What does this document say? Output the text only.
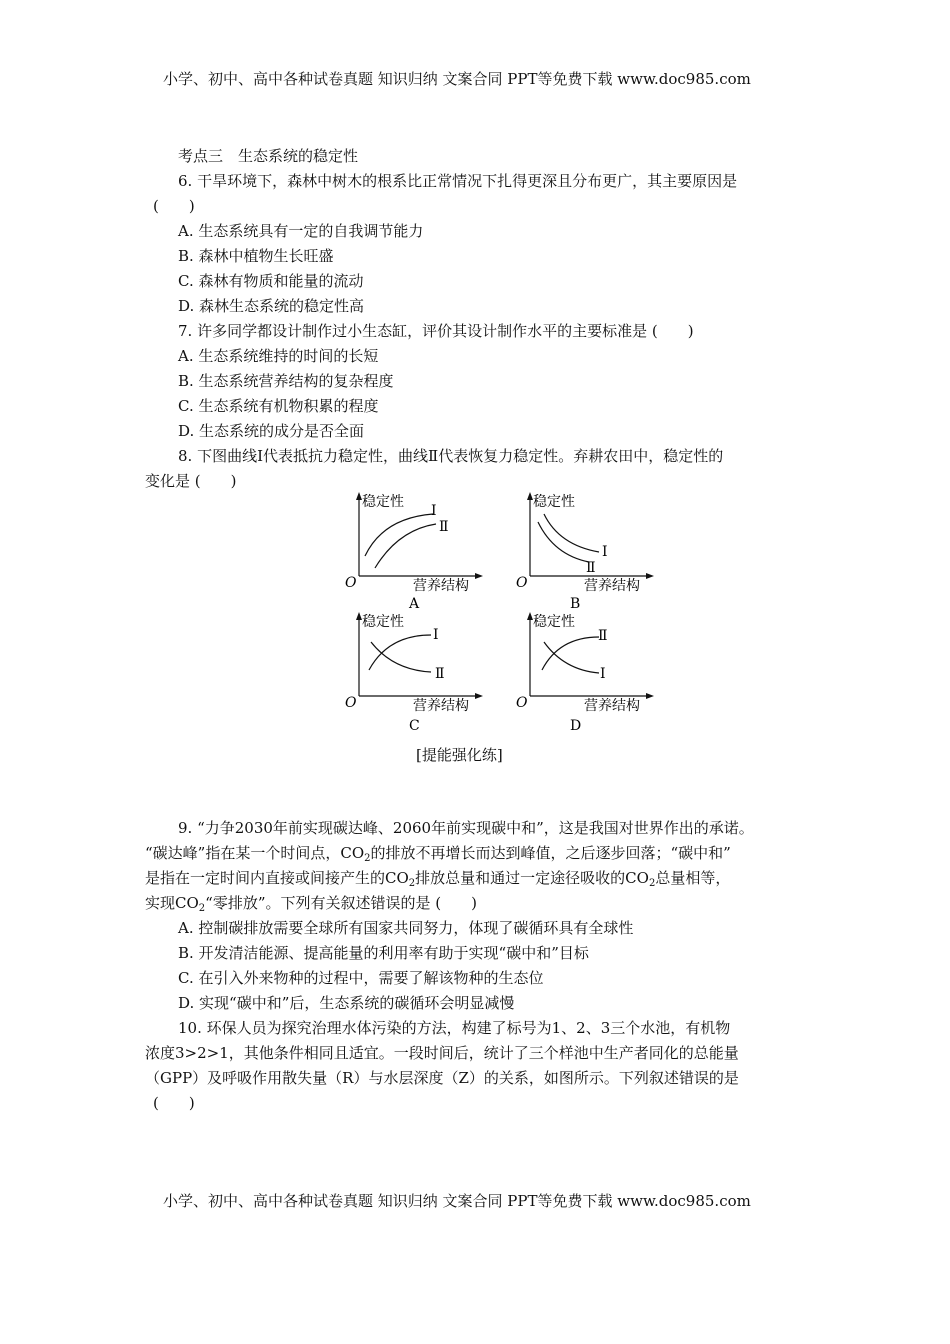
小学、初中、高中各种试卷真题 知识归纳 文案合同 PPT等免费下载 www.doc985.com
考点三　生态系统的稳定性
6. 干旱环境下，森林中树木的根系比正常情况下扎得更深且分布更广，其主要原因是
(　　)
A. 生态系统具有一定的自我调节能力
B. 森林中植物生长旺盛
C. 森林有物质和能量的流动
D. 森林生态系统的稳定性高
7. 许多同学都设计制作过小生态缸，评价其设计制作水平的主要标准是 (　　)
A. 生态系统维持的时间的长短
B. 生态系统营养结构的复杂程度
C. 生态系统有机物积累的程度
D. 生态系统的成分是否全面
8. 下图曲线Ⅰ代表抵抗力稳定性，曲线Ⅱ代表恢复力稳定性。弃耕农田中，稳定性的
变化是 (　　)
稳定性
Ⅰ
Ⅱ
O	营养结构
A
稳定性
Ⅰ
Ⅱ
O	营养结构
B
稳定性
Ⅰ
Ⅱ
O	营养结构
C
稳定性
Ⅱ
Ⅰ
O	营养结构
D
[提能强化练]
9. “力争2030年前实现碳达峰、2060年前实现碳中和”，这是我国对世界作出的承诺。
“碳达峰”指在某一个时间点，$CO_2$的排放不再增长而达到峰值，之后逐步回落；“碳中和”
是指在一定时间内直接或间接产生的$CO_2$排放总量和通过一定途径吸收的$CO_2$总量相等，
实现$CO_2“$零排放”。下列有关叙述错误的是 (　　)
A. 控制碳排放需要全球所有国家共同努力，体现了碳循环具有全球性
B. 开发清洁能源、提高能量的利用率有助于实现“碳中和”目标
C. 在引入外来物种的过程中，需要了解该物种的生态位
D. 实现“碳中和”后，生态系统的碳循环会明显减慢
10. 环保人员为探究治理水体污染的方法，构建了标号为1、2、3三个水池，有机物
浓度3>2>1，其他条件相同且适宜。一段时间后，统计了三个样池中生产者同化的总能量
（GPP）及呼吸作用散失量（R）与水层深度（Z）的关系，如图所示。下列叙述错误的是
(　　)
小学、初中、高中各种试卷真题 知识归纳 文案合同 PPT等免费下载 www.doc985.com
